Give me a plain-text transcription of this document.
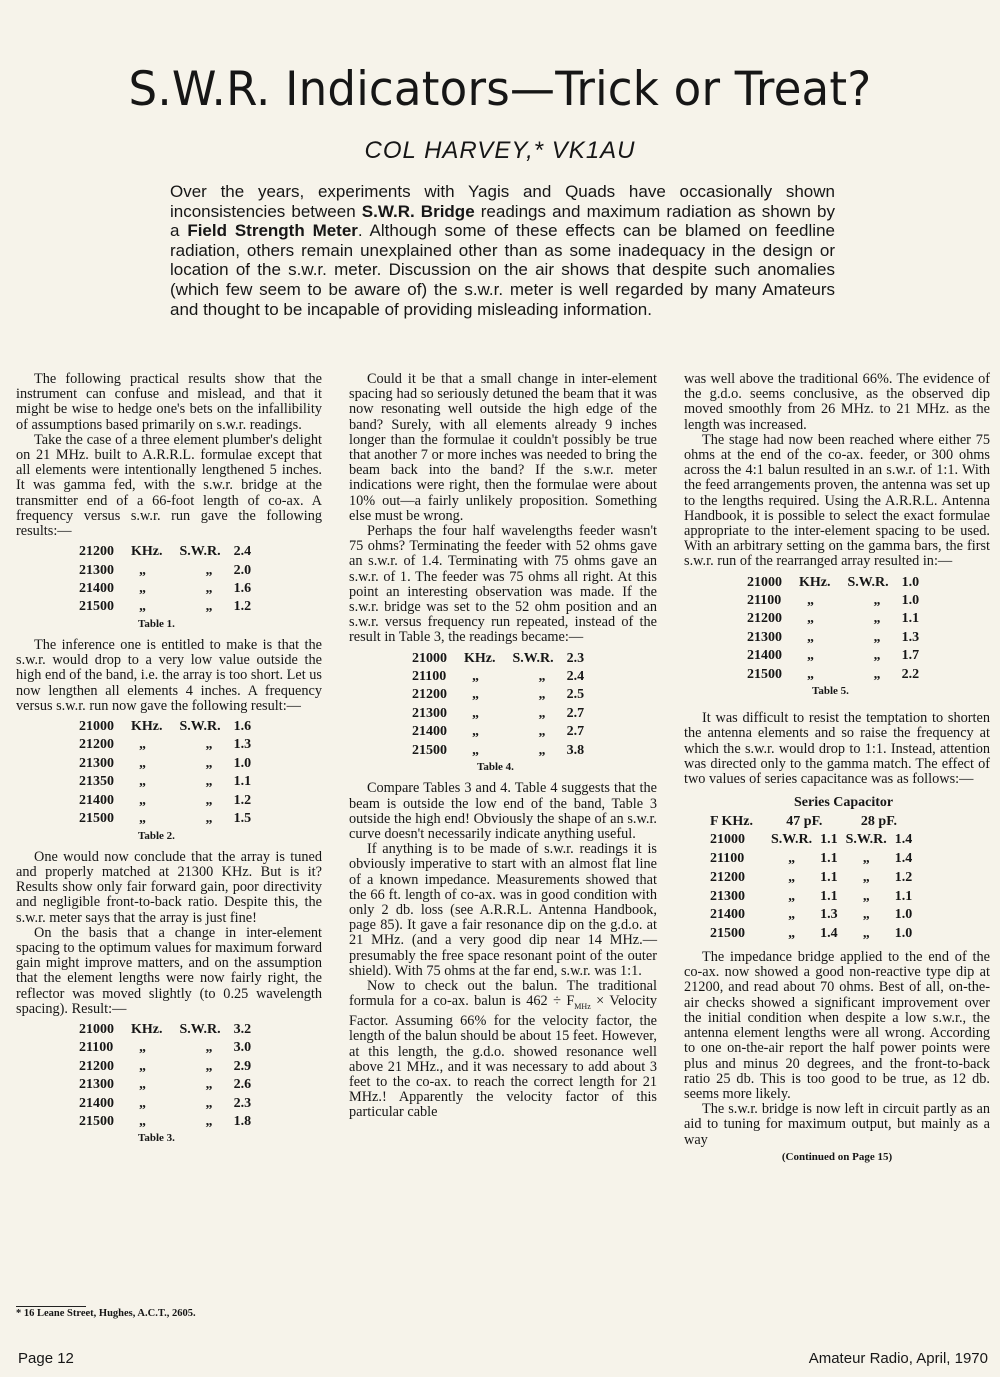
S.W.R. Indicators—Trick or Treat?
COL HARVEY,* VK1AU

Over the years, experiments with Yagis and Quads have occasionally shown inconsistencies between S.W.R. Bridge readings and maximum radiation as shown by a Field Strength Meter. Although some of these effects can be blamed on feedline radiation, others remain unexplained other than as some inadequacy in the design or location of the s.w.r. meter. Discussion on the air shows that despite such anomalies (which few seem to be aware of) the s.w.r. meter is well regarded by many Amateurs and thought to be incapable of providing misleading information.

The following practical results show that the instrument can confuse and mislead, and that it might be wise to hedge one's bets on the infallibility of assumptions based primarily on s.w.r. readings.

Take the case of a three element plumber's delight on 21 MHz. built to A.R.R.L. formulae except that all elements were intentionally lengthened 5 inches. It was gamma fed, with the s.w.r. bridge at the transmitter end of a 66-foot length of co-ax. A frequency versus s.w.r. run gave the following results:—

21200	KHz.	S.W.R.	2.4
21300	„	„	2.0
21400	„	„	1.6
21500	„	„	1.2
Table 1.

The inference one is entitled to make is that the s.w.r. would drop to a very low value outside the high end of the band, i.e. the array is too short. Let us now lengthen all elements 4 inches. A frequency versus s.w.r. run now gave the following result:—

21000	KHz.	S.W.R.	1.6
21200	„	„	1.3
21300	„	„	1.0
21350	„	„	1.1
21400	„	„	1.2
21500	„	„	1.5
Table 2.

One would now conclude that the array is tuned and properly matched at 21300 KHz. But is it? Results show only fair forward gain, poor directivity and negligible front-to-back ratio. Despite this, the s.w.r. meter says that the array is just fine!

On the basis that a change in inter-element spacing to the optimum values for maximum forward gain might improve matters, and on the assumption that the element lengths were now fairly right, the reflector was moved slightly (to 0.25 wavelength spacing). Result:—

21000	KHz.	S.W.R.	3.2
21100	„	„	3.0
21200	„	„	2.9
21300	„	„	2.6
21400	„	„	2.3
21500	„	„	1.8
Table 3.
* 16 Leane Street, Hughes, A.C.T., 2605.

Could it be that a small change in inter-element spacing had so seriously detuned the beam that it was now resonating well outside the high edge of the band? Surely, with all elements already 9 inches longer than the formulae it couldn't possibly be true that another 7 or more inches was needed to bring the beam back into the band? If the s.w.r. meter indications were right, then the formulae were about 10% out—a fairly unlikely proposition. Something else must be wrong.

Perhaps the four half wavelengths feeder wasn't 75 ohms? Terminating the feeder with 52 ohms gave an s.w.r. of 1.4. Terminating with 75 ohms gave an s.w.r. of 1. The feeder was 75 ohms all right. At this point an interesting observation was made. If the s.w.r. bridge was set to the 52 ohm position and an s.w.r. versus frequency run repeated, instead of the result in Table 3, the readings became:—

21000	KHz.	S.W.R.	2.3
21100	„	„	2.4
21200	„	„	2.5
21300	„	„	2.7
21400	„	„	2.7
21500	„	„	3.8
Table 4.

Compare Tables 3 and 4. Table 4 suggests that the beam is outside the low end of the band, Table 3 outside the high end! Obviously the shape of an s.w.r. curve doesn't necessarily indicate anything useful.

If anything is to be made of s.w.r. readings it is obviously imperative to start with an almost flat line of a known impedance. Measurements showed that the 66 ft. length of co-ax. was in good condition with only 2 db. loss (see A.R.R.L. Antenna Handbook, page 85). It gave a fair resonance dip on the g.d.o. at 21 MHz. (and a very good dip near 14 MHz.—presumably the free space resonant point of the outer shield). With 75 ohms at the far end, s.w.r. was 1:1.

Now to check out the balun. The traditional formula for a co-ax. balun is $462 \div F_{MHz}$ × Velocity Factor. Assuming 66% for the velocity factor, the length of the balun should be about 15 feet. However, at this length, the g.d.o. showed resonance well above 21 MHz., and it was necessary to add about 3 feet to the co-ax. to reach the correct length for 21 MHz.! Apparently the velocity factor of this particular cable

was well above the traditional 66%. The evidence of the g.d.o. seems conclusive, as the observed dip moved smoothly from 26 MHz. to 21 MHz. as the length was increased.

The stage had now been reached where either 75 ohms at the end of the co-ax. feeder, or 300 ohms across the 4:1 balun resulted in an s.w.r. of 1:1. With the feed arrangements proven, the antenna was set up to the lengths required. Using the A.R.R.L. Antenna Handbook, it is possible to select the exact formulae appropriate to the inter-element spacing to be used. With an arbitrary setting on the gamma bars, the first s.w.r. run of the rearranged array resulted in:—

21000	KHz.	S.W.R.	1.0
21100	„	„	1.0
21200	„	„	1.1
21300	„	„	1.3
21400	„	„	1.7
21500	„	„	2.2
Table 5.

It was difficult to resist the temptation to shorten the antenna elements and so raise the frequency at which the s.w.r. would drop to 1:1. Instead, attention was directed only to the gamma match. The effect of two values of series capacitance was as follows:—

Series Capacitor
F KHz.	47 pF.		28 pF.	
21000	S.W.R.	1.1	S.W.R.	1.4
21100	„	1.1	„	1.4
21200	„	1.1	„	1.2
21300	„	1.1	„	1.1
21400	„	1.3	„	1.0
21500	„	1.4	„	1.0

The impedance bridge applied to the end of the co-ax. now showed a good non-reactive type dip at 21200, and read about 70 ohms. Best of all, on-the-air checks showed a significant improvement over the initial condition when despite a low s.w.r., the antenna element lengths were all wrong. According to one on-the-air report the half power points were plus and minus 20 degrees, and the front-to-back ratio 25 db. This is too good to be true, as 12 db. seems more likely.

The s.w.r. bridge is now left in circuit partly as an aid to tuning for maximum output, but mainly as a way

(Continued on Page 15)
Page 12	Amateur Radio, April, 1970
